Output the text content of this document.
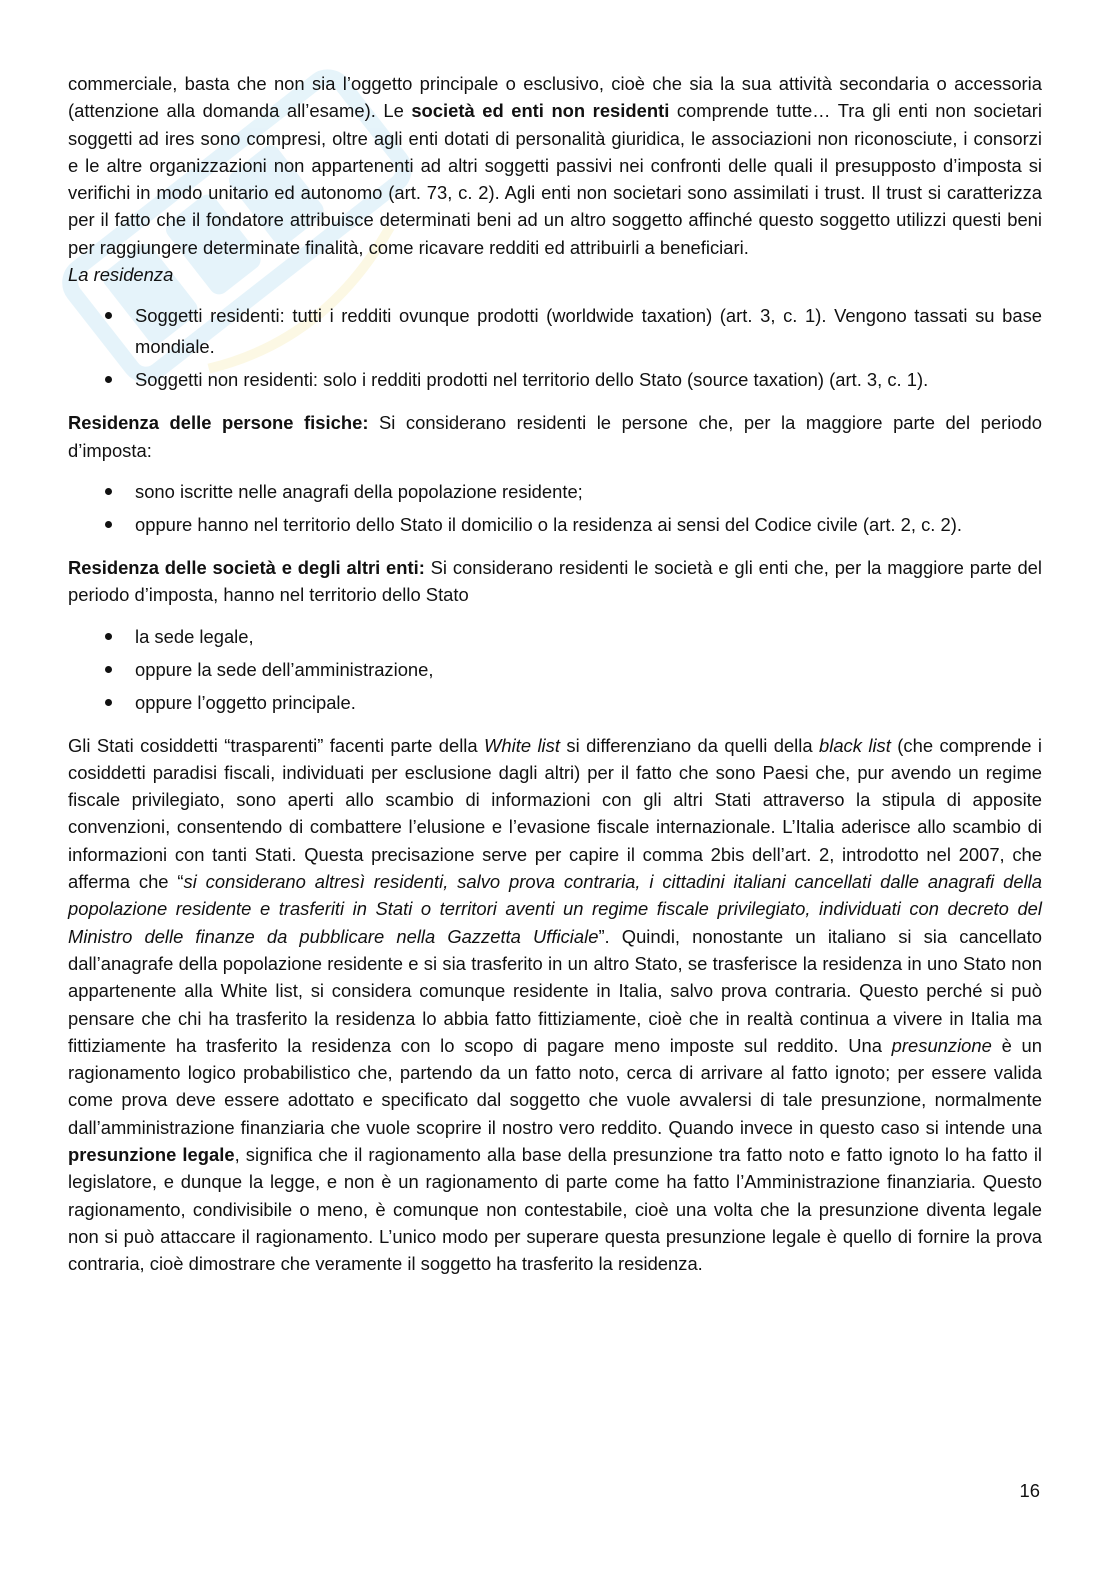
commerciale, basta che non sia l’oggetto principale o esclusivo, cioè che sia la sua attività secondaria o accessoria (attenzione alla domanda all’esame). Le società ed enti non residenti comprende tutte… Tra gli enti non societari soggetti ad ires sono compresi, oltre agli enti dotati di personalità giuridica, le associazioni non riconosciute, i consorzi e le altre organizzazioni non appartenenti ad altri soggetti passivi nei confronti delle quali il presupposto d’imposta si verifichi in modo unitario ed autonomo (art. 73, c. 2). Agli enti non societari sono assimilati i trust. Il trust si caratterizza per il fatto che il fondatore attribuisce determinati beni ad un altro soggetto affinché questo soggetto utilizzi questi beni per raggiungere determinate finalità, come ricavare redditi ed attribuirli a beneficiari.

La residenza

Soggetti residenti: tutti i redditi ovunque prodotti (worldwide taxation) (art. 3, c. 1). Vengono tassati su base mondiale.
Soggetti non residenti: solo i redditi prodotti nel territorio dello Stato (source taxation) (art. 3, c. 1).

Residenza delle persone fisiche: Si considerano residenti le persone che, per la maggiore parte del periodo d’imposta:

sono iscritte nelle anagrafi della popolazione residente;
oppure hanno nel territorio dello Stato il domicilio o la residenza ai sensi del Codice civile (art. 2, c. 2).

Residenza delle società e degli altri enti: Si considerano residenti le società e gli enti che, per la maggiore parte del periodo d’imposta, hanno nel territorio dello Stato

la sede legale,
oppure la sede dell’amministrazione,
oppure l’oggetto principale.

Gli Stati cosiddetti “trasparenti” facenti parte della White list si differenziano da quelli della black list (che comprende i cosiddetti paradisi fiscali, individuati per esclusione dagli altri) per il fatto che sono Paesi che, pur avendo un regime fiscale privilegiato, sono aperti allo scambio di informazioni con gli altri Stati attraverso la stipula di apposite convenzioni, consentendo di combattere l’elusione e l’evasione fiscale internazionale. L’Italia aderisce allo scambio di informazioni con tanti Stati. Questa precisazione serve per capire il comma 2bis dell’art. 2, introdotto nel 2007, che afferma che “si considerano altresì residenti, salvo prova contraria, i cittadini italiani cancellati dalle anagrafi della popolazione residente e trasferiti in Stati o territori aventi un regime fiscale privilegiato, individuati con decreto del Ministro delle finanze da pubblicare nella Gazzetta Ufficiale”. Quindi, nonostante un italiano si sia cancellato dall’anagrafe della popolazione residente e si sia trasferito in un altro Stato, se trasferisce la residenza in uno Stato non appartenente alla White list, si considera comunque residente in Italia, salvo prova contraria. Questo perché si può pensare che chi ha trasferito la residenza lo abbia fatto fittiziamente, cioè che in realtà continua a vivere in Italia ma fittiziamente ha trasferito la residenza con lo scopo di pagare meno imposte sul reddito. Una presunzione è un ragionamento logico probabilistico che, partendo da un fatto noto, cerca di arrivare al fatto ignoto; per essere valida come prova deve essere adottato e specificato dal soggetto che vuole avvalersi di tale presunzione, normalmente dall’amministrazione finanziaria che vuole scoprire il nostro vero reddito. Quando invece in questo caso si intende una presunzione legale, significa che il ragionamento alla base della presunzione tra fatto noto e fatto ignoto lo ha fatto il legislatore, e dunque la legge, e non è un ragionamento di parte come ha fatto l’Amministrazione finanziaria. Questo ragionamento, condivisibile o meno, è comunque non contestabile, cioè una volta che la presunzione diventa legale non si può attaccare il ragionamento. L’unico modo per superare questa presunzione legale è quello di fornire la prova contraria, cioè dimostrare che veramente il soggetto ha trasferito la residenza.

16
